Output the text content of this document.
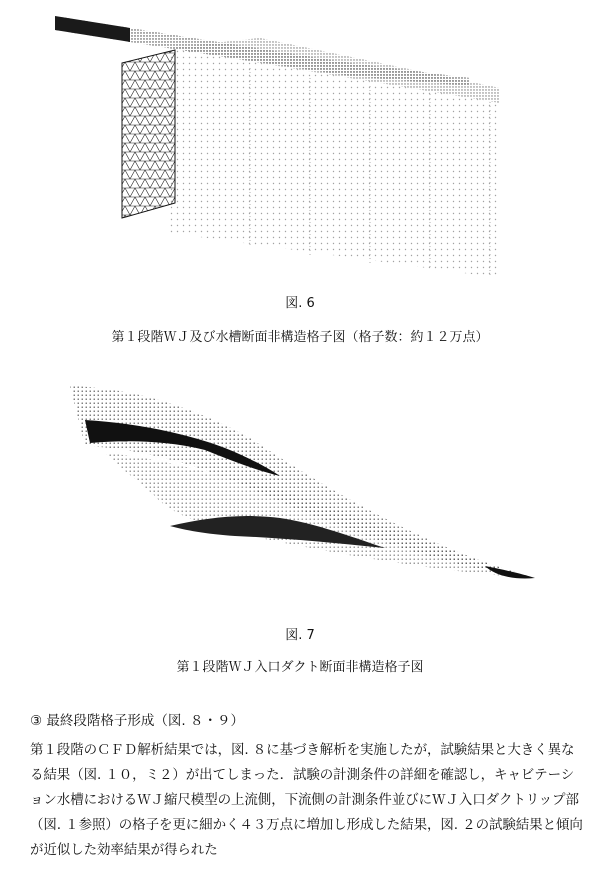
図. 6
第１段階ＷＪ及び水槽断面非構造格子図（格子数：約１２万点）
図. 7
第１段階ＷＪ入口ダクト断面非構造格子図
③ 最終段階格子形成（図. ８・９）
第１段階のＣＦＤ解析結果では，図. ８に基づき解析を実施したが，試験結果と大きく異なる結果（図. １０，ミ２）が出てしまった．試験の計測条件の詳細を確認し，キャビテーション水槽におけるＷＪ縮尺模型の上流側，下流側の計測条件並びにＷＪ入口ダクトリップ部（図. １参照）の格子を更に細かく４３万点に増加し形成した結果，図. ２の試験結果と傾向が近似した効率結果が得られた
